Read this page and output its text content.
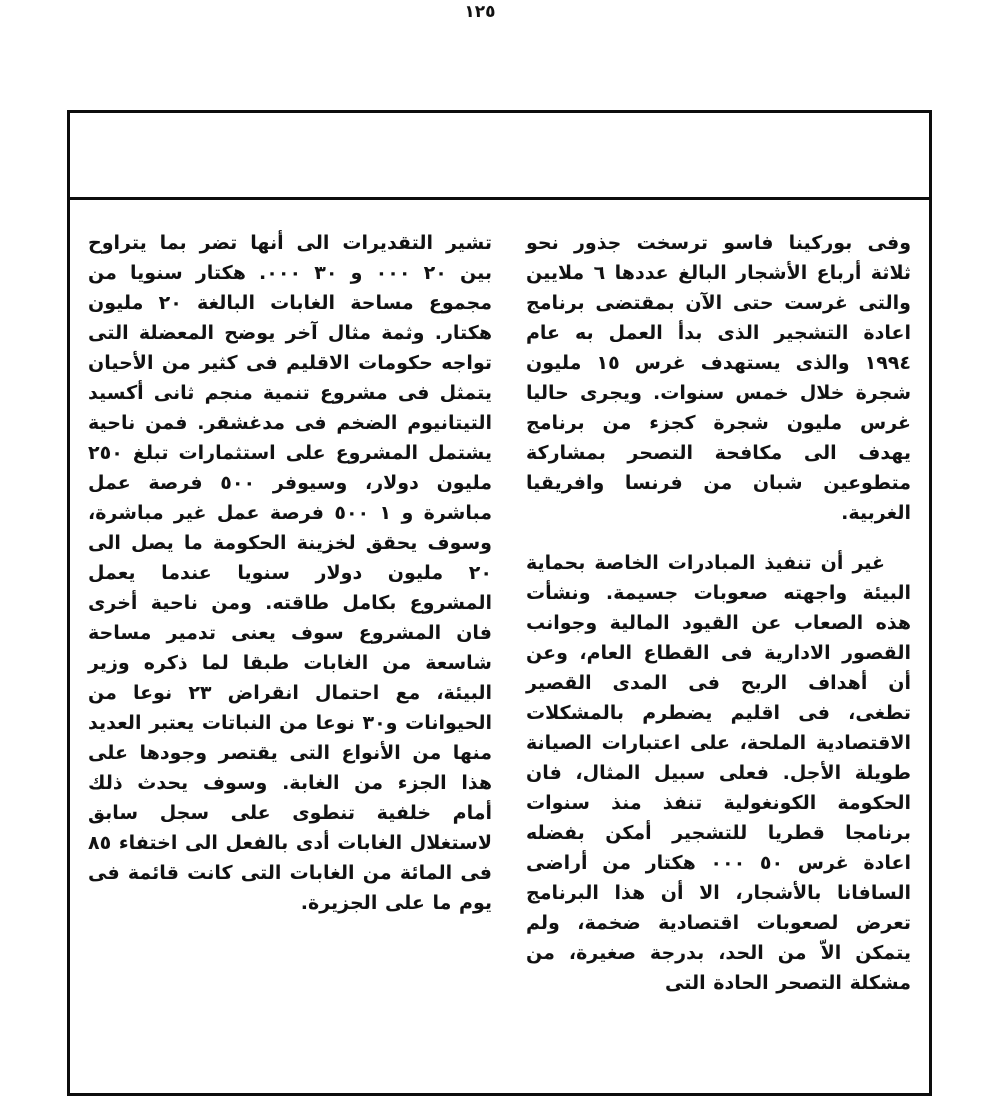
١٢٥

وفى بوركينا فاسو ترسخت جذور نحو ثلاثة أرباع الأشجار البالغ عددها ٦ ملايين والتى غرست حتى الآن بمقتضى برنامج اعادة التشجير الذى بدأ العمل به عام ١٩٩٤ والذى يستهدف غرس ١٥ مليون شجرة خلال خمس سنوات. ويجرى حاليا غرس مليون شجرة كجزء من برنامج يهدف الى مكافحة التصحر بمشاركة متطوعين شبان من فرنسا وافريقيا الغربية.

غير أن تنفيذ المبادرات الخاصة بحماية البيئة واجهته صعوبات جسيمة. ونشأت هذه الصعاب عن القيود المالية وجوانب القصور الادارية فى القطاع العام، وعن أن أهداف الربح فى المدى القصير تطغى، فى اقليم يضطرم بالمشكلات الاقتصادية الملحة، على اعتبارات الصيانة طويلة الأجل. فعلى سبيل المثال، فان الحكومة الكونغولية تنفذ منذ سنوات برنامجا قطريا للتشجير أمكن بفضله اعادة غرس ٥٠ ٠٠٠ هكتار من أراضى السافانا بالأشجار، الا أن هذا البرنامج تعرض لصعوبات اقتصادية ضخمة، ولم يتمكن الاّ من الحد، بدرجة صغيرة، من مشكلة التصحر الحادة التى

تشير التقديرات الى أنها تضر بما يتراوح بين ٢٠ ٠٠٠ و ٣٠ ٠٠٠. هكتار سنويا من مجموع مساحة الغابات البالغة ٢٠ مليون هكتار. وثمة مثال آخر يوضح المعضلة التى تواجه حكومات الاقليم فى كثير من الأحيان يتمثل فى مشروع تنمية منجم ثانى أكسيد التيتانيوم الضخم فى مدغشقر. فمن ناحية يشتمل المشروع على استثمارات تبلغ ٢٥٠ مليون دولار، وسيوفر ٥٠٠ فرصة عمل مباشرة و ١ ٥٠٠ فرصة عمل غير مباشرة، وسوف يحقق لخزينة الحكومة ما يصل الى ٢٠ مليون دولار سنويا عندما يعمل المشروع بكامل طاقته. ومن ناحية أخرى فان المشروع سوف يعنى تدمير مساحة شاسعة من الغابات طبقا لما ذكره وزير البيئة، مع احتمال انقراض ٢٣ نوعا من الحيوانات و٣٠ نوعا من النباتات يعتبر العديد منها من الأنواع التى يقتصر وجودها على هذا الجزء من الغابة. وسوف يحدث ذلك أمام خلفية تنطوى على سجل سابق لاستغلال الغابات أدى بالفعل الى اختفاء ٨٥ فى المائة من الغابات التى كانت قائمة فى يوم ما على الجزيرة.
